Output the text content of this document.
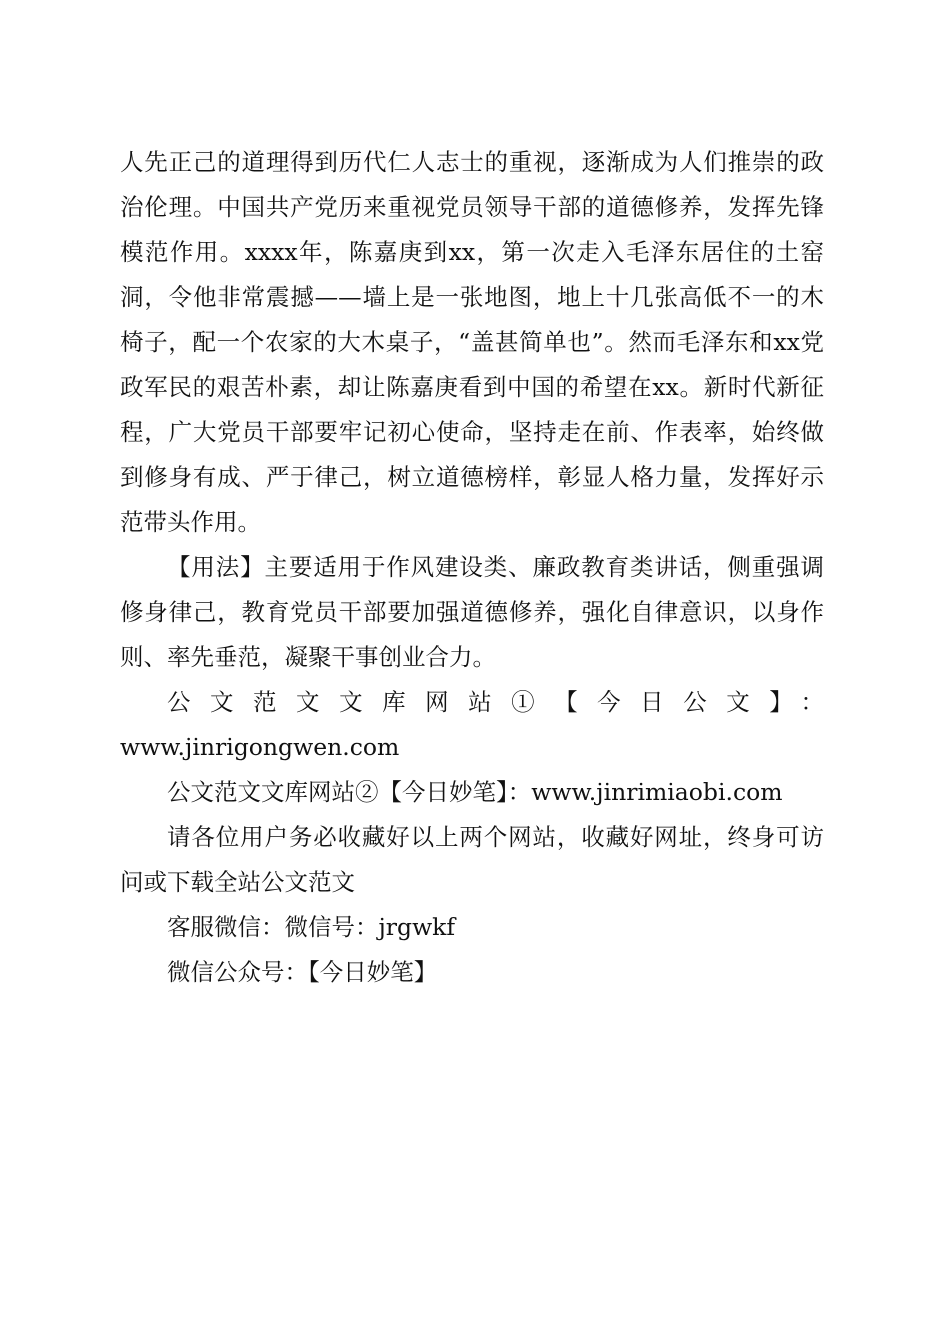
人先正己的道理得到历代仁人志士的重视，逐渐成为人们推崇的政治伦理。中国共产党历来重视党员领导干部的道德修养，发挥先锋模范作用。xxxx年，陈嘉庚到xx，第一次走入毛泽东居住的土窑洞，令他非常震撼——墙上是一张地图，地上十几张高低不一的木椅子，配一个农家的大木桌子，“盖甚简单也”。然而毛泽东和xx党政军民的艰苦朴素，却让陈嘉庚看到中国的希望在xx。新时代新征程，广大党员干部要牢记初心使命，坚持走在前、作表率，始终做到修身有成、严于律己，树立道德榜样，彰显人格力量，发挥好示范带头作用。

【用法】主要适用于作风建设类、廉政教育类讲话，侧重强调修身律己，教育党员干部要加强道德修养，强化自律意识，以身作则、率先垂范，凝聚干事创业合力。

公文范文文库网站①【今日公文】：

www.jinrigongwen.com

公文范文文库网站②【今日妙笔】：www.jinrimiaobi.com

请各位用户务必收藏好以上两个网站，收藏好网址，终身可访问或下载全站公文范文

客服微信：微信号：jrgwkf

微信公众号：【今日妙笔】
